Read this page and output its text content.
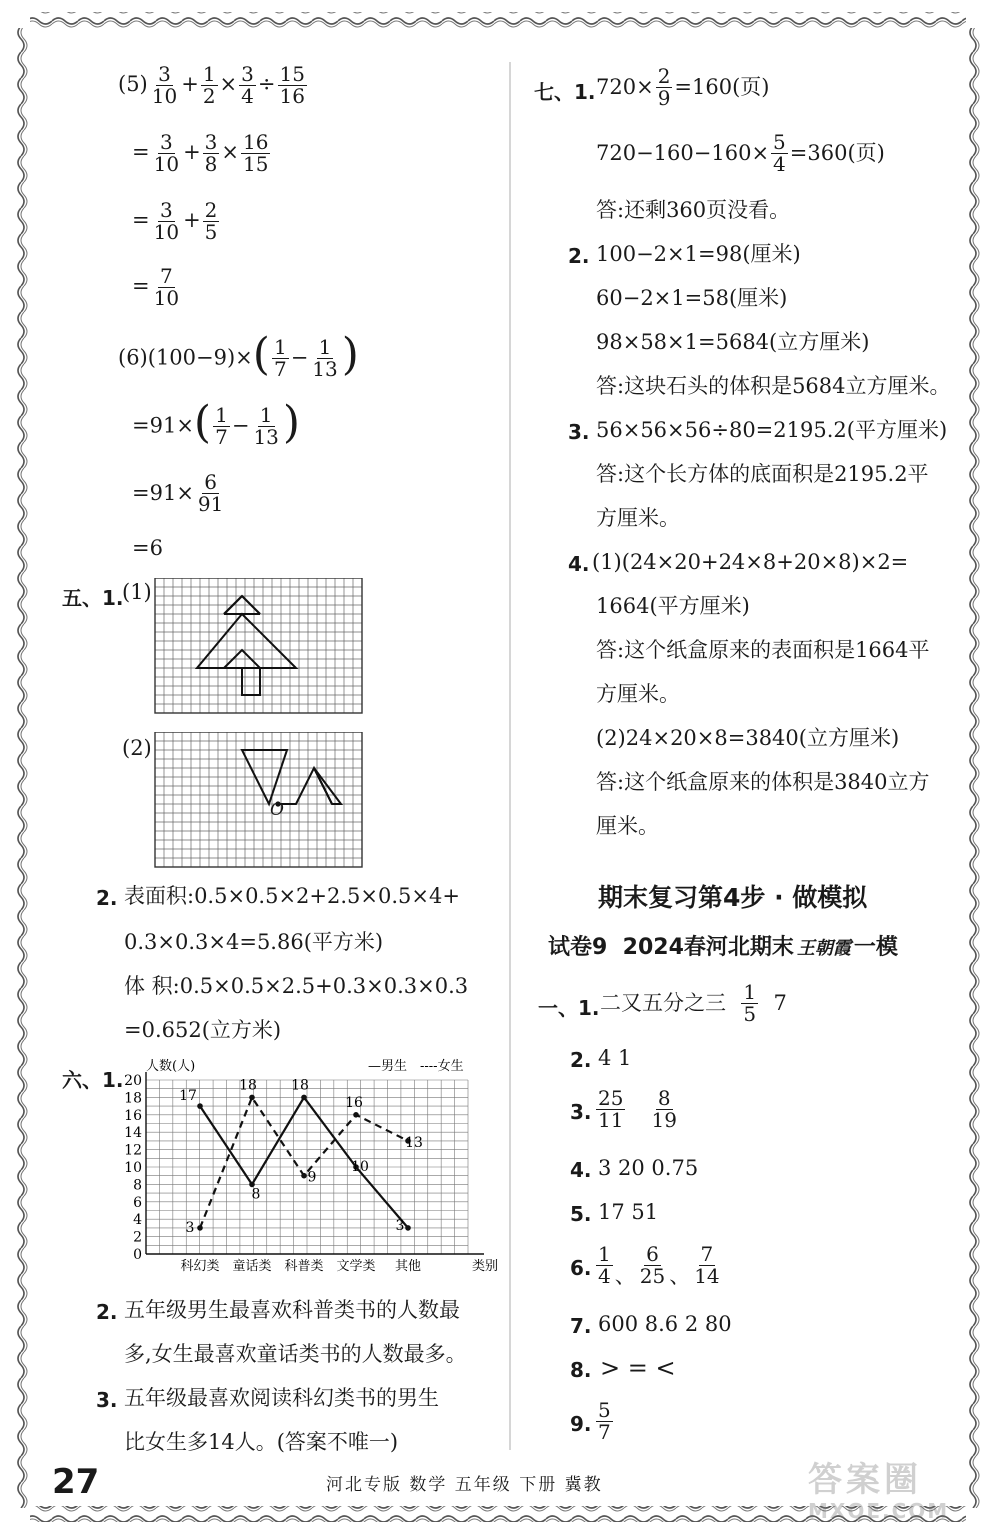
$(5) \frac{3}{10} + \frac{1}{2} \times \frac{3}{4} \div \frac{15}{16}$
= $\frac{3}{10} + \frac{3}{8} \times \frac{16}{15}$
= $\frac{3}{10} + \frac{2}{5}$
= $\frac{7}{10}$
$(6)(100-9)\times( \frac{1}{7} - \frac{1}{13}$ )
$=91\times( \frac{1}{7} - \frac{1}{13}$ )
$=91\times \frac{6}{91}$
=6
五、1.
(1)
(2)
O
2. 表面积:0.5×0.5×2+2.5×0.5×4+
0.3×0.3×4=5.86(平方米)
体 积:0.5×0.5×2.5+0.3×0.3×0.3
=0.652(立方米)
六、1.
0
2
4
6
8
10
12
14
16
18
20
人数(人)	—男生 ----女生
科幻类 童话类 科普类 文学类 其他	类别
17
8
18
10
3
3
18
9
16
13
2. 五年级男生最喜欢科普类书的人数最
多,女生最喜欢童话类书的人数最多。
3. 五年级最喜欢阅读科幻类书的男生
比女生多14人。(答案不唯一)
七、1. $720\times \frac{2}{9} =160$(页)
$720-160-160\times \frac{5}{4} =360$(页)
答:还剩360页没看。
2. 100−2×1=98(厘米)
60−2×1=58(厘米)
98×58×1=5684(立方厘米)
答:这块石头的体积是5684立方厘米。
3. 56×56×56÷80=2195.2(平方厘米)
答:这个长方体的底面积是2195.2平
方厘米。
4. (1)(24×20+24×8+20×8)×2=
1664(平方厘米)
答:这个纸盒原来的表面积是1664平
方厘米。
(2)24×20×8=3840(立方厘米)
答:这个纸盒原来的体积是3840立方
厘米。
期末复习第4步 · 做模拟
试卷9 2024春河北期末 王朝霞 一模
一、1. 二又五分之三 $\frac{1}{5} 7$
2. 4 1
3. $\frac{25}{11}$
$\frac{8}{19}$
4. 3 20 0.75
5. 17 51
6. $\frac{1}{4}$ 、 $\frac{6}{25}$ 、 $\frac{7}{14}$
7. 600 8.6 2 80
8. > = <
9. $\frac{5}{7}$
27	河北专版 数学 五年级 下册 冀教	答案圈
MXQE.COM
